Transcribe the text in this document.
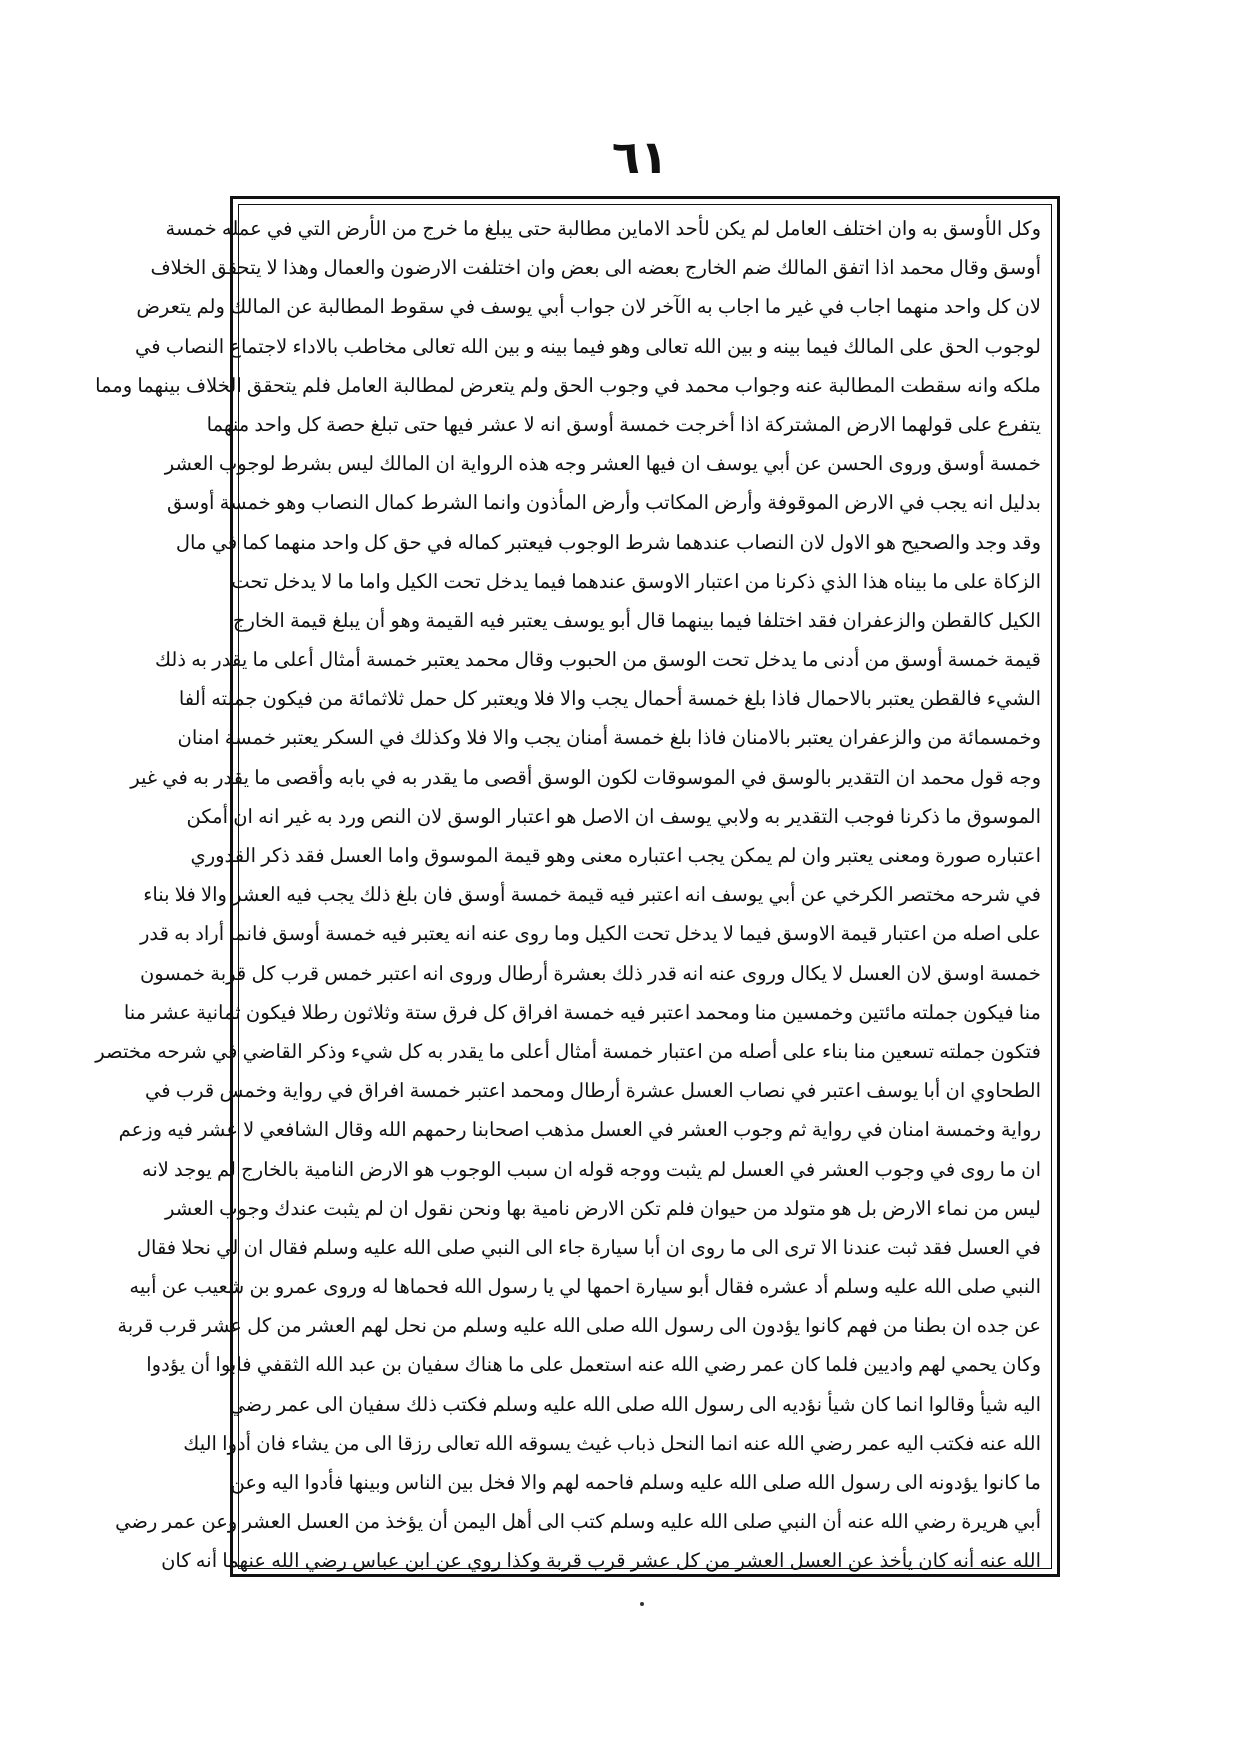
٦١
وكل الأوسق به وان اختلف العامل لم يكن لأحد الاماين مطالبة حتى يبلغ ما خرج من الأرض التي في عمله خمسة
أوسق وقال محمد اذا اتفق المالك ضم الخارج بعضه الى بعض وان اختلفت الارضون والعمال وهذا لا يتحقق الخلاف
لان كل واحد منهما اجاب في غير ما اجاب به الآخر لان جواب أبي يوسف في سقوط المطالبة عن المالك ولم يتعرض
لوجوب الحق على المالك فيما بينه و بين الله تعالى وهو فيما بينه و بين الله تعالى مخاطب بالاداء لاجتماع النصاب في
ملكه وانه سقطت المطالبة عنه وجواب محمد في وجوب الحق ولم يتعرض لمطالبة العامل فلم يتحقق الخلاف بينهما ومما
يتفرع على قولهما الارض المشتركة اذا أخرجت خمسة أوسق انه لا عشر فيها حتى تبلغ حصة كل واحد منهما
خمسة أوسق وروى الحسن عن أبي يوسف ان فيها العشر وجه هذه الرواية ان المالك ليس بشرط لوجوب العشر
بدليل انه يجب في الارض الموقوفة وأرض المكاتب وأرض المأذون وانما الشرط كمال النصاب وهو خمسة أوسق
وقد وجد والصحيح هو الاول لان النصاب عندهما شرط الوجوب فيعتبر كماله في حق كل واحد منهما كما في مال
الزكاة على ما بيناه هذا الذي ذكرنا من اعتبار الاوسق عندهما فيما يدخل تحت الكيل واما ما لا يدخل تحت
الكيل كالقطن والزعفران فقد اختلفا فيما بينهما قال أبو يوسف يعتبر فيه القيمة وهو أن يبلغ قيمة الخارج
قيمة خمسة أوسق من أدنى ما يدخل تحت الوسق من الحبوب وقال محمد يعتبر خمسة أمثال أعلى ما يقدر به ذلك
الشيء فالقطن يعتبر بالاحمال فاذا بلغ خمسة أحمال يجب والا فلا ويعتبر كل حمل ثلاثمائة من فيكون جملته ألفا
وخمسمائة من والزعفران يعتبر بالامنان فاذا بلغ خمسة أمنان يجب والا فلا وكذلك في السكر يعتبر خمسة امنان
وجه قول محمد ان التقدير بالوسق في الموسوقات لكون الوسق أقصى ما يقدر به في بابه وأقصى ما يقدر به في غير
الموسوق ما ذكرنا فوجب التقدير به ولابي يوسف ان الاصل هو اعتبار الوسق لان النص ورد به غير انه ان أمكن
اعتباره صورة ومعنى يعتبر وان لم يمكن يجب اعتباره معنى وهو قيمة الموسوق واما العسل فقد ذكر القدوري
في شرحه مختصر الكرخي عن أبي يوسف انه اعتبر فيه قيمة خمسة أوسق فان بلغ ذلك يجب فيه العشر والا فلا بناء
على اصله من اعتبار قيمة الاوسق فيما لا يدخل تحت الكيل وما روى عنه انه يعتبر فيه خمسة أوسق فانما أراد به قدر
خمسة اوسق لان العسل لا يكال وروى عنه انه قدر ذلك بعشرة أرطال وروى انه اعتبر خمس قرب كل قربة خمسون
منا فيكون جملته مائتين وخمسين منا ومحمد اعتبر فيه خمسة افراق كل فرق ستة وثلاثون رطلا فيكون ثمانية عشر منا
فتكون جملته تسعين منا بناء على أصله من اعتبار خمسة أمثال أعلى ما يقدر به كل شيء وذكر القاضي في شرحه مختصر
الطحاوي ان أبا يوسف اعتبر في نصاب العسل عشرة أرطال ومحمد اعتبر خمسة افراق في رواية وخمس قرب في
رواية وخمسة امنان في رواية ثم وجوب العشر في العسل مذهب اصحابنا رحمهم الله وقال الشافعي لا عشر فيه وزعم
ان ما روى في وجوب العشر في العسل لم يثبت ووجه قوله ان سبب الوجوب هو الارض النامية بالخارج لم يوجد لانه
ليس من نماء الارض بل هو متولد من حيوان فلم تكن الارض نامية بها ونحن نقول ان لم يثبت عندك وجوب العشر
في العسل فقد ثبت عندنا الا ترى الى ما روى ان أبا سيارة جاء الى النبي صلى الله عليه وسلم فقال ان لي نحلا فقال
النبي صلى الله عليه وسلم أد عشره فقال أبو سيارة احمها لي يا رسول الله فحماها له وروى عمرو بن شعيب عن أبيه
عن جده ان بطنا من فهم كانوا يؤدون الى رسول الله صلى الله عليه وسلم من نحل لهم العشر من كل عشر قرب قربة
وكان يحمي لهم واديين فلما كان عمر رضي الله عنه استعمل على ما هناك سفيان بن عبد الله الثقفي فابوا أن يؤدوا
اليه شيأ وقالوا انما كان شيأ نؤديه الى رسول الله صلى الله عليه وسلم فكتب ذلك سفيان الى عمر رضي
الله عنه فكتب اليه عمر رضي الله عنه انما النحل ذباب غيث يسوقه الله تعالى رزقا الى من يشاء فان أدوا اليك
ما كانوا يؤدونه الى رسول الله صلى الله عليه وسلم فاحمه لهم والا فخل بين الناس وبينها فأدوا اليه وعن
أبي هريرة رضي الله عنه أن النبي صلى الله عليه وسلم كتب الى أهل اليمن أن يؤخذ من العسل العشر وعن عمر رضي
الله عنه أنه كان يأخذ عن العسل العشر من كل عشر قرب قربة وكذا روي عن ابن عباس رضي الله عنهما أنه كان
